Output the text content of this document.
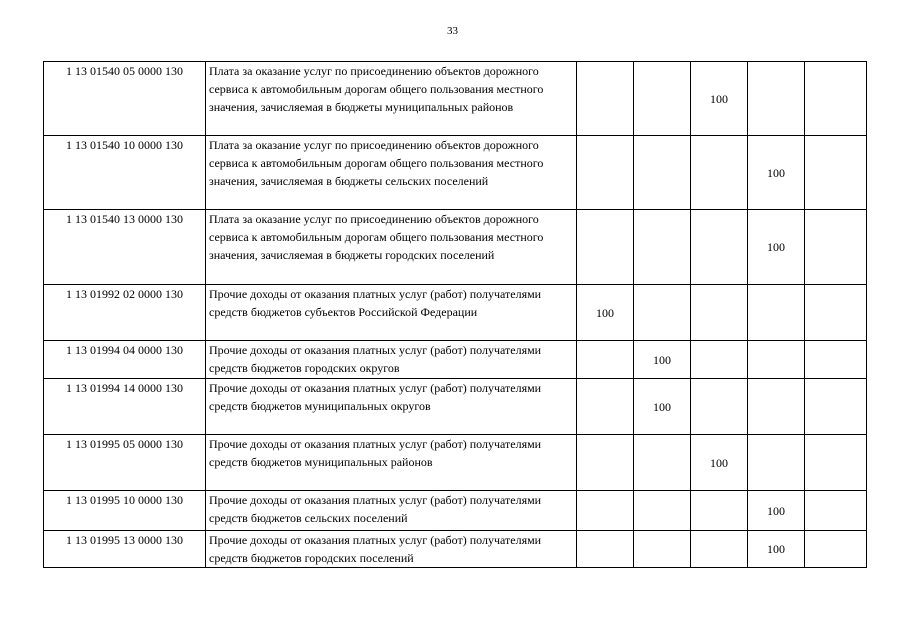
33
1 13 01540 05 0000 130	Плата за оказание услуг по присоединению объектов дорожного сервиса к автомобильным дорогам общего пользования местного значения, зачисляемая в бюджеты муниципальных районов			100		
1 13 01540 10 0000 130	Плата за оказание услуг по присоединению объектов дорожного сервиса к автомобильным дорогам общего пользования местного значения, зачисляемая в бюджеты сельских поселений				100	
1 13 01540 13 0000 130	Плата за оказание услуг по присоединению объектов дорожного сервиса к автомобильным дорогам общего пользования местного значения, зачисляемая в бюджеты городских поселений				100	
1 13 01992 02 0000 130	Прочие доходы от оказания платных услуг (работ) получателями средств бюджетов субъектов Российской Федерации	100				
1 13 01994 04 0000 130	Прочие доходы от оказания платных услуг (работ) получателями средств бюджетов городских округов		100			
1 13 01994 14 0000 130	Прочие доходы от оказания платных услуг (работ) получателями средств бюджетов муниципальных округов		100			
1 13 01995 05 0000 130	Прочие доходы от оказания платных услуг (работ) получателями средств бюджетов муниципальных районов			100		
1 13 01995 10 0000 130	Прочие доходы от оказания платных услуг (работ) получателями средств бюджетов сельских поселений				100	
1 13 01995 13 0000 130	Прочие доходы от оказания платных услуг (работ) получателями средств бюджетов городских поселений				100	
